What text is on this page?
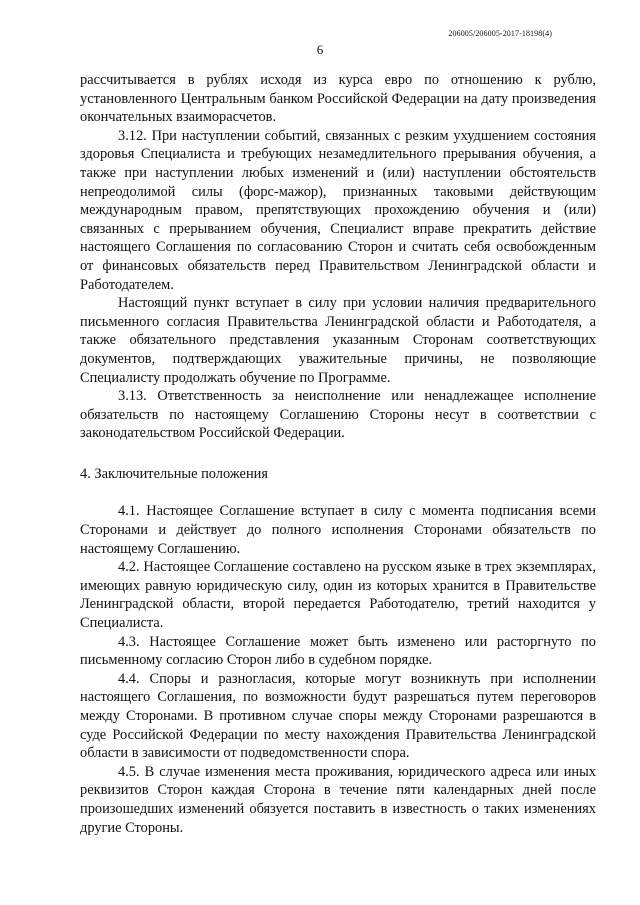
206005/206005-2017-18198(4)
6

рассчитывается в рублях исходя из курса евро по отношению к рублю, установленного Центральным банком Российской Федерации на дату произведения окончательных взаиморасчетов.

3.12. При наступлении событий, связанных с резким ухудшением состояния здоровья Специалиста и требующих незамедлительного прерывания обучения, а также при наступлении любых изменений и (или) наступлении обстоятельств непреодолимой силы (форс-мажор), признанных таковыми действующим международным правом, препятствующих прохождению обучения и (или) связанных с прерыванием обучения, Специалист вправе прекратить действие настоящего Соглашения по согласованию Сторон и считать себя освобожденным от финансовых обязательств перед Правительством Ленинградской области и Работодателем.

Настоящий пункт вступает в силу при условии наличия предварительного письменного согласия Правительства Ленинградской области и Работодателя, а также обязательного представления указанным Сторонам соответствующих документов, подтверждающих уважительные причины, не позволяющие Специалисту продолжать обучение по Программе.

3.13. Ответственность за неисполнение или ненадлежащее исполнение обязательств по настоящему Соглашению Стороны несут в соответствии с законодательством Российской Федерации.

4. Заключительные положения

4.1. Настоящее Соглашение вступает в силу с момента подписания всеми Сторонами и действует до полного исполнения Сторонами обязательств по настоящему Соглашению.

4.2. Настоящее Соглашение составлено на русском языке в трех экземплярах, имеющих равную юридическую силу, один из которых хранится в Правительстве Ленинградской области, второй передается Работодателю, третий находится у Специалиста.

4.3. Настоящее Соглашение может быть изменено или расторгнуто по письменному согласию Сторон либо в судебном порядке.

4.4. Споры и разногласия, которые могут возникнуть при исполнении настоящего Соглашения, по возможности будут разрешаться путем переговоров между Сторонами. В противном случае споры между Сторонами разрешаются в суде Российской Федерации по месту нахождения Правительства Ленинградской области в зависимости от подведомственности спора.

4.5. В случае изменения места проживания, юридического адреса или иных реквизитов Сторон каждая Сторона в течение пяти календарных дней после произошедших изменений обязуется поставить в известность о таких изменениях другие Стороны.
